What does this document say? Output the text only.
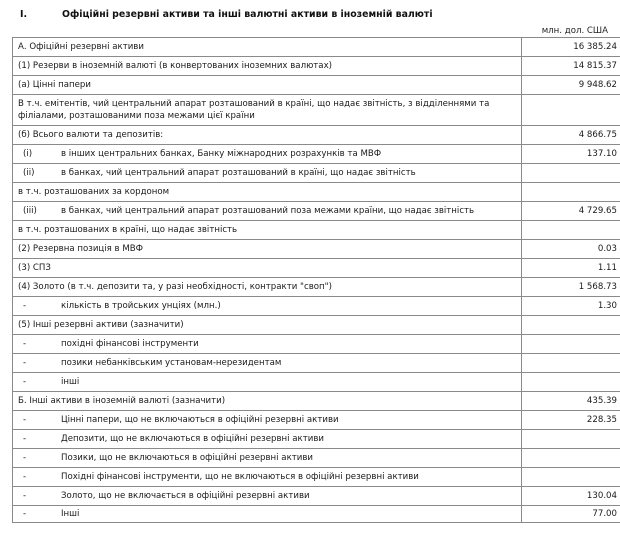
I.	Офіційні резервні активи та інші валютні активи в іноземній валюті
млн. дол. США
А. Офіційні резервні активи	16 385.24
(1) Резерви в іноземній валюті (в конвертованих іноземних валютах)	14 815.37
(а) Цінні папери	9 948.62
В т.ч. емітентів, чий центральний апарат розташований в країні, що надає звітність, з відділеннями та філіалами, розташованими поза межами цієї країни	
(б) Всього валюти та депозитів:	4 866.75
(i) в інших центральних банках, Банку міжнародних розрахунків та МВФ	137.10
(ii) в банках, чий центральний апарат розташований в країні, що надає звітність	
в т.ч. розташованих за кордоном	
(iii) в банках, чий центральний апарат розташований поза межами країни, що надає звітність	4 729.65
в т.ч. розташованих в країні, що надає звітність	
(2) Резервна позиція в МВФ	0.03
(3) СПЗ	1.11
(4) Золото (в т.ч. депозити та, у разі необхідності, контракти "своп")	1 568.73
- кількість в тройських унціях (млн.)	1.30
(5) Інші резервні активи (зазначити)	
- похідні фінансові інструменти	
- позики небанківським установам-нерезидентам	
- інші	
Б. Інші активи в іноземній валюті (зазначити)	435.39
- Цінні папери, що не включаються в офіційні резервні активи	228.35
- Депозити, що не включаються в офіційні резервні активи	
- Позики, що не включаються в офіційні резервні активи	
- Похідні фінансові інструменти, що не включаються в офіційні резервні активи	
- Золото, що не включається в офіційні резервні активи	130.04
- Інші	77.00
